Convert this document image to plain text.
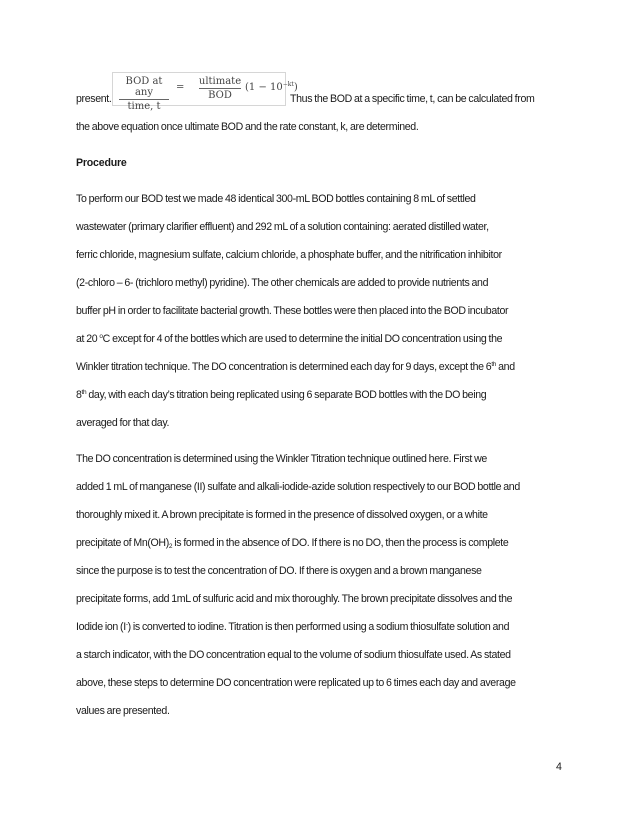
BOD at any
time, t
=
ultimate
BOD
$(1 - 10^{-kt})$
present.	Thus the BOD at a specific time, t, can be calculated from
the above equation once ultimate BOD and the rate constant, k, are determined.
Procedure
To perform our BOD test we made 48 identical 300-mL BOD bottles containing 8 mL of settled
wastewater (primary clarifier effluent) and 292 mL of a solution containing: aerated distilled water,
ferric chloride, magnesium sulfate, calcium chloride, a phosphate buffer, and the nitrification inhibitor
(2-chloro – 6- (trichloro methyl) pyridine). The other chemicals are added to provide nutrients and
buffer pH in order to facilitate bacterial growth. These bottles were then placed into the BOD incubator
at 20 $^o$C except for 4 of the bottles which are used to determine the initial DO concentration using the
Winkler titration technique. The DO concentration is determined each day for 9 days, except the 6th and
8th day, with each day’s titration being replicated using 6 separate BOD bottles with the DO being
averaged for that day.
The DO concentration is determined using the Winkler Titration technique outlined here. First we
added 1 mL of manganese (II) sulfate and alkali-iodide-azide solution respectively to our BOD bottle and
thoroughly mixed it. A brown precipitate is formed in the presence of dissolved oxygen, or a white
precipitate of $Mn(OH)_2$ is formed in the absence of DO. If there is no DO, then the process is complete
since the purpose is to test the concentration of DO. If there is oxygen and a brown manganese
precipitate forms, add 1mL of sulfuric acid and mix thoroughly. The brown precipitate dissolves and the
Iodide ion (I-) is converted to iodine. Titration is then performed using a sodium thiosulfate solution and
a starch indicator, with the DO concentration equal to the volume of sodium thiosulfate used. As stated
above, these steps to determine DO concentration were replicated up to 6 times each day and average
values are presented.
4
